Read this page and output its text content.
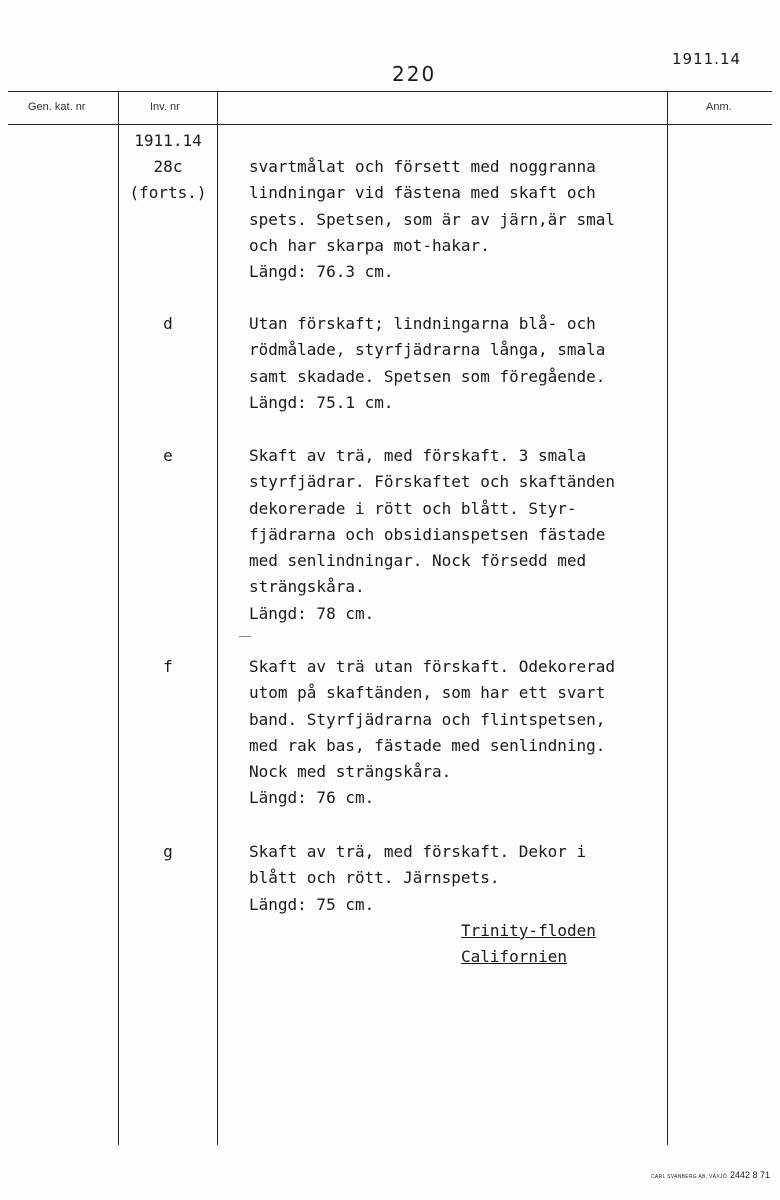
220
1911.14
Gen. kat. nr	Inv. nr	Anm.
1911.14
28c
(forts.)
d
e
f
g
svartmålat och försett med noggranna
lindningar vid fästena med skaft och
spets. Spetsen, som är av järn,är smal
och har skarpa mot-hakar.
Längd: 76.3 cm.
Utan förskaft; lindningarna blå- och
rödmålade, styrfjädrarna långa, smala
samt skadade. Spetsen som föregående.
Längd: 75.1 cm.
Skaft av trä, med förskaft. 3 smala
styrfjädrar. Förskaftet och skaftänden
dekorerade i rött och blått. Styr-
fjädrarna och obsidianspetsen fästade
med senlindningar. Nock försedd med
strängskåra.
Längd: 78 cm.
Skaft av trä utan förskaft. Odekorerad
utom på skaftänden, som har ett svart
band. Styrfjädrarna och flintspetsen,
med rak bas, fästade med senlindning.
Nock med strängskåra.
Längd: 76 cm.
Skaft av trä, med förskaft. Dekor i
blått och rött. Järnspets.
Längd: 75 cm.
Trinity-floden
Californien
CARL SVANBERG AB, VÄXJÖ 2442 8 71
